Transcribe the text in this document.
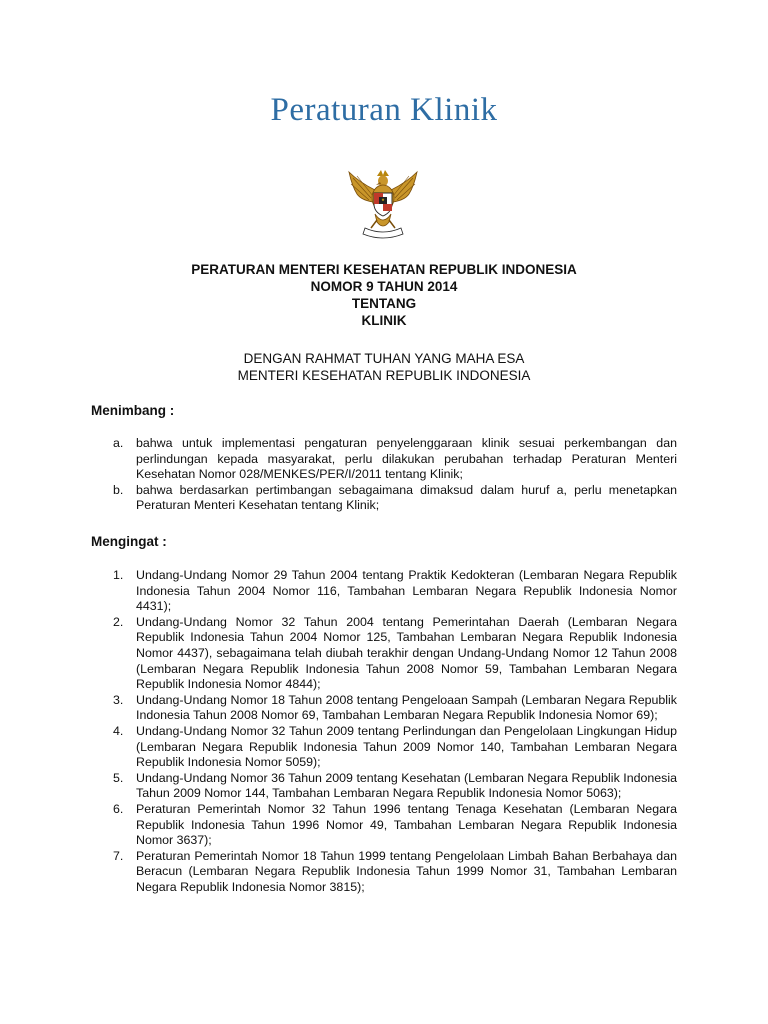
Peraturan Klinik
PERATURAN MENTERI KESEHATAN REPUBLIK INDONESIA
NOMOR 9 TAHUN 2014
TENTANG
KLINIK
DENGAN RAHMAT TUHAN YANG MAHA ESA
MENTERI KESEHATAN REPUBLIK INDONESIA
Menimbang :
a. bahwa untuk implementasi pengaturan penyelenggaraan klinik sesuai perkembangan dan perlindungan kepada masyarakat, perlu dilakukan perubahan terhadap Peraturan Menteri Kesehatan Nomor 028/MENKES/PER/I/2011 tentang Klinik;
b. bahwa berdasarkan pertimbangan sebagaimana dimaksud dalam huruf a, perlu menetapkan Peraturan Menteri Kesehatan tentang Klinik;
Mengingat :
1. Undang-Undang Nomor 29 Tahun 2004 tentang Praktik Kedokteran (Lembaran Negara Republik Indonesia Tahun 2004 Nomor 116, Tambahan Lembaran Negara Republik Indonesia Nomor 4431);
2. Undang-Undang Nomor 32 Tahun 2004 tentang Pemerintahan Daerah (Lembaran Negara Republik Indonesia Tahun 2004 Nomor 125, Tambahan Lembaran Negara Republik Indonesia Nomor 4437), sebagaimana telah diubah terakhir dengan Undang-Undang Nomor 12 Tahun 2008 (Lembaran Negara Republik Indonesia Tahun 2008 Nomor 59, Tambahan Lembaran Negara Republik Indonesia Nomor 4844);
3. Undang-Undang Nomor 18 Tahun 2008 tentang Pengeloaan Sampah (Lembaran Negara Republik Indonesia Tahun 2008 Nomor 69, Tambahan Lembaran Negara Republik Indonesia Nomor 69);
4. Undang-Undang Nomor 32 Tahun 2009 tentang Perlindungan dan Pengelolaan Lingkungan Hidup (Lembaran Negara Republik Indonesia Tahun 2009 Nomor 140, Tambahan Lembaran Negara Republik Indonesia Nomor 5059);
5. Undang-Undang Nomor 36 Tahun 2009 tentang Kesehatan (Lembaran Negara Republik Indonesia Tahun 2009 Nomor 144, Tambahan Lembaran Negara Republik Indonesia Nomor 5063);
6. Peraturan Pemerintah Nomor 32 Tahun 1996 tentang Tenaga Kesehatan (Lembaran Negara Republik Indonesia Tahun 1996 Nomor 49, Tambahan Lembaran Negara Republik Indonesia Nomor 3637);
7. Peraturan Pemerintah Nomor 18 Tahun 1999 tentang Pengelolaan Limbah Bahan Berbahaya dan Beracun (Lembaran Negara Republik Indonesia Tahun 1999 Nomor 31, Tambahan Lembaran Negara Republik Indonesia Nomor 3815);
